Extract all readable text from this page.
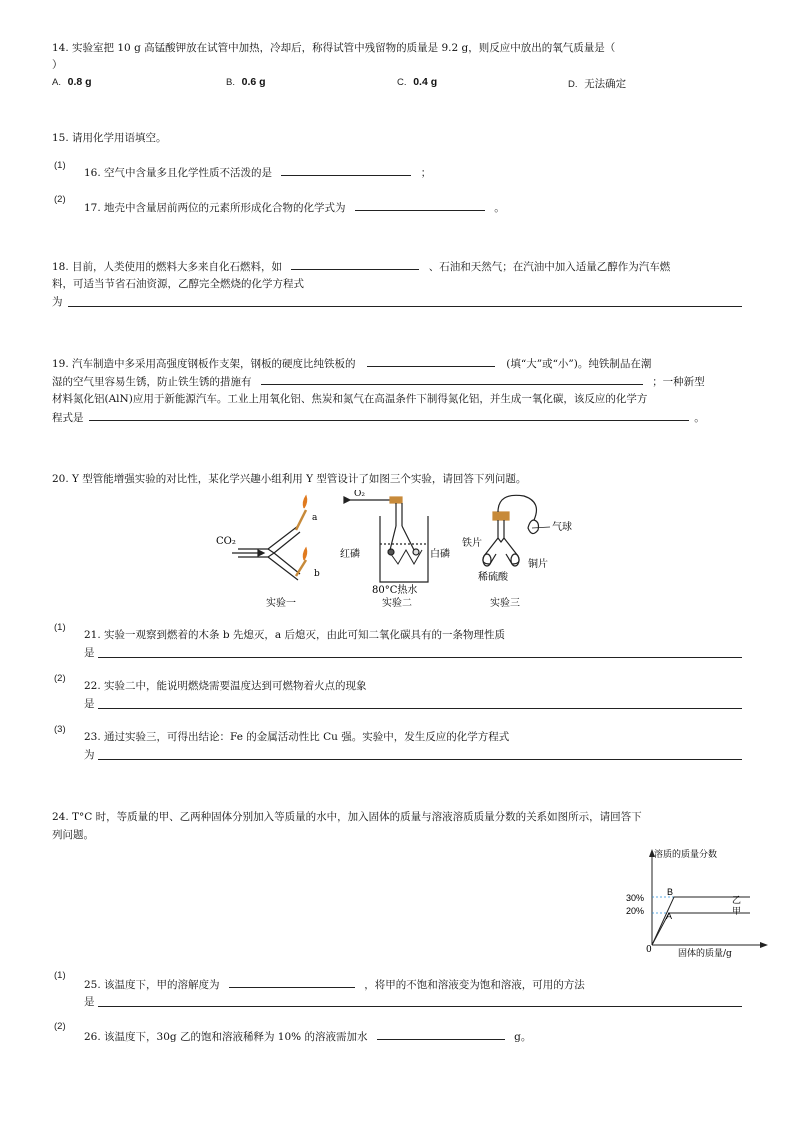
14. 实验室把 10 g 高锰酸钾放在试管中加热，冷却后，称得试管中残留物的质量是 9.2 g，则反应中放出的氧气质量是（
）
A. 0.8 g	B. 0.6 g	C. 0.4 g	D. 无法确定
15. 请用化学用语填空。
(1)
16. 空气中含量多且化学性质不活泼的是	；
(2)
17. 地壳中含量居前两位的元素所形成化合物的化学式为	。
18. 目前，人类使用的燃料大多来自化石燃料，如	、石油和天然气；在汽油中加入适量乙醇作为汽车燃
料，可适当节省石油资源，乙醇完全燃烧的化学方程式
为
19. 汽车制造中多采用高强度钢板作支架，钢板的硬度比纯铁板的	(填“大”或“小”)。纯铁制品在潮
湿的空气里容易生锈，防止铁生锈的措施有	；一种新型
材料氮化铝(AlN)应用于新能源汽车。工业上用氧化铝、焦炭和氮气在高温条件下制得氮化铝，并生成一氧化碳，该反应的化学方
程式是	。
20. Y 型管能增强实验的对比性，某化学兴趣小组利用 Y 型管设计了如图三个实验，请回答下列问题。
CO₂
a
b
实验一
O₂
红磷	白磷
80°C热水
实验二
气球
铁片
铜片
稀硫酸
实验三
(1)
21. 实验一观察到燃着的木条 b 先熄灭，a 后熄灭，由此可知二氧化碳具有的一条物理性质
是
(2)
22. 实验二中，能说明燃烧需要温度达到可燃物着火点的现象
是
(3)
23. 通过实验三，可得出结论：Fe 的金属活动性比 Cu 强。实验中，发生反应的化学方程式
为
24. T°C 时，等质量的甲、乙两种固体分别加入等质量的水中，加入固体的质量与溶液溶质质量分数的关系如图所示，请回答下
列问题。
溶质的质量分数
固体的质量/g
0
30%
20%
B
A
乙
甲
(1)
25. 该温度下，甲的溶解度为	，将甲的不饱和溶液变为饱和溶液，可用的方法
是
(2)
26. 该温度下，30g 乙的饱和溶液稀释为 10% 的溶液需加水	g。
